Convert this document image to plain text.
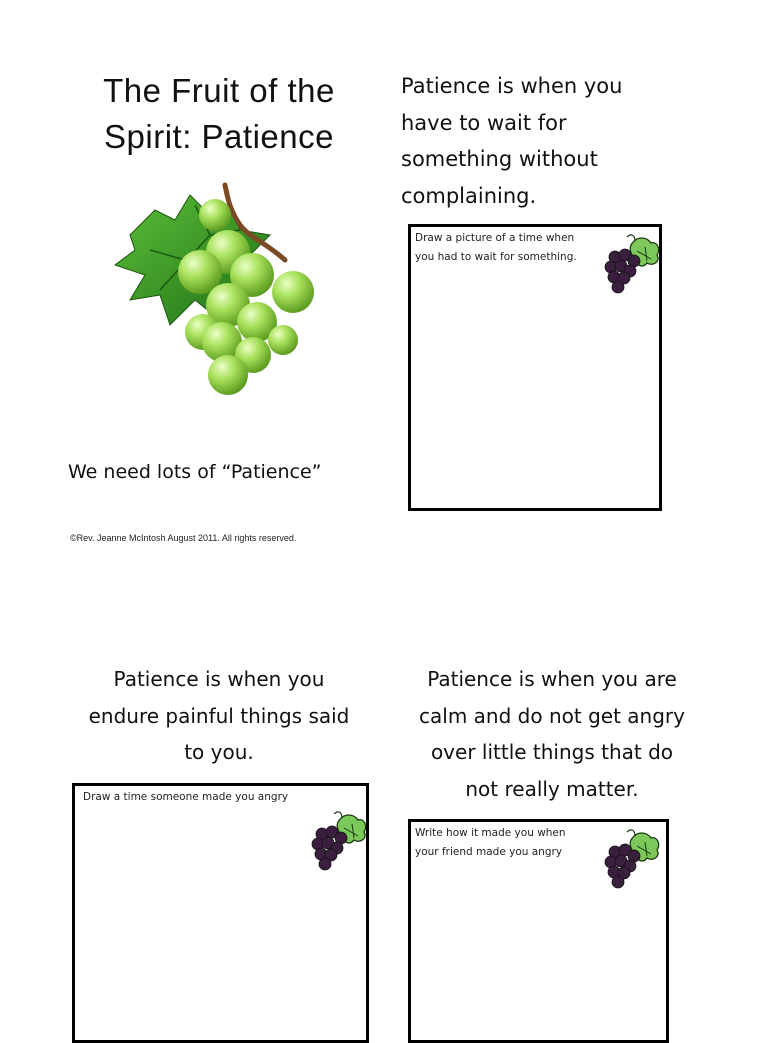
The Fruit of the
Spirit: Patience
Patience is when you
have to wait for
something without
complaining.
Draw a picture of a time when
you had to wait for something.
We need lots of “Patience”
©Rev. Jeanne McIntosh August 2011. All rights reserved.
Patience is when you
endure painful things said
to you.
Patience is when you are
calm and do not get angry
over little things that do
not really matter.
Draw a time someone made you angry
Write how it made you when
your friend made you angry
